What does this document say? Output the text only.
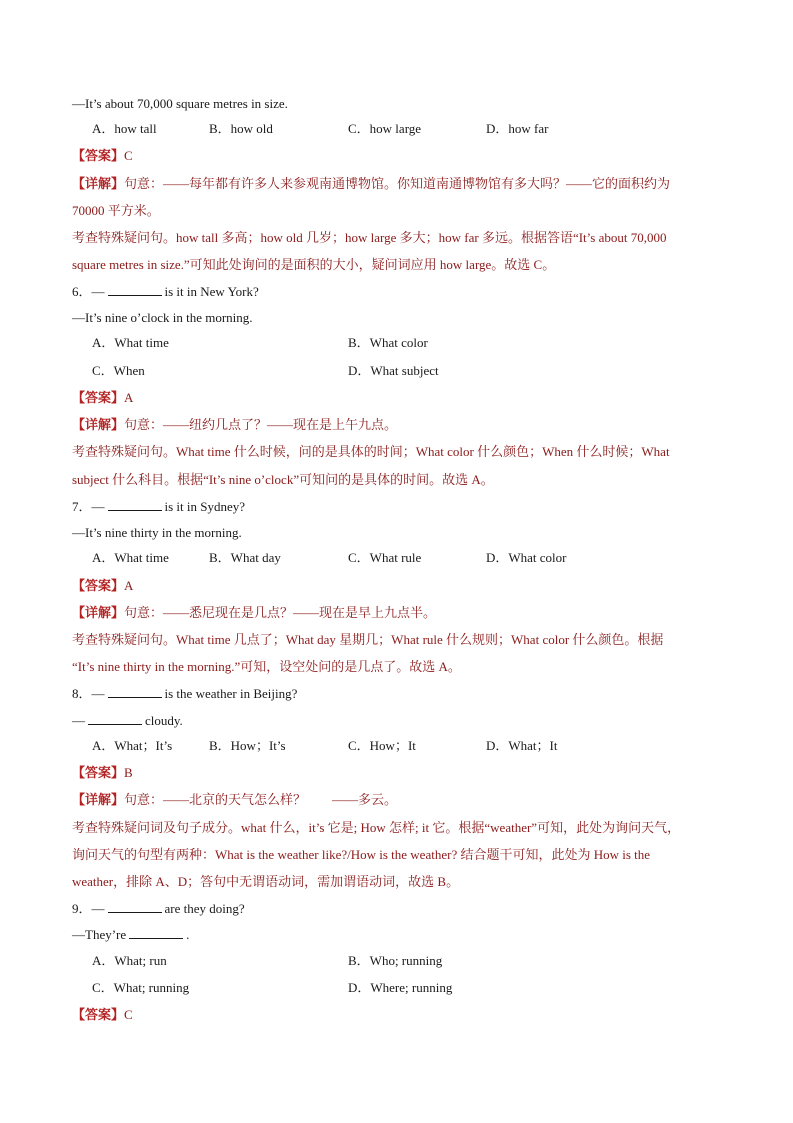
—It’s about 70,000 square metres in size.
A．how tall	B．how old	C．how large	D．how far
【答案】C
【详解】句意：——每年都有许多人来参观南通博物馆。你知道南通博物馆有多大吗？——它的面积约为
70000 平方米。
考查特殊疑问句。how tall 多高；how old 几岁；how large 多大；how far 多远。根据答语“It’s about 70,000
square metres in size.”可知此处询问的是面积的大小，疑问词应用 how large。故选 C。
6．—	is it in New York?
—It’s nine o’clock in the morning.
A．What time	B．What color
C．When	D．What subject
【答案】A
【详解】句意：——纽约几点了？——现在是上午九点。
考查特殊疑问句。What time 什么时候，问的是具体的时间；What color 什么颜色；When 什么时候；What
subject 什么科目。根据“It’s nine o’clock”可知问的是具体的时间。故选 A。
7．—	is it in Sydney?
—It’s nine thirty in the morning.
A．What time	B．What day	C．What rule	D．What color
【答案】A
【详解】句意：——悉尼现在是几点？——现在是早上九点半。
考查特殊疑问句。What time 几点了；What day 星期几；What rule 什么规则；What color 什么颜色。根据
“It’s nine thirty in the morning.”可知，设空处问的是几点了。故选 A。
8．—	is the weather in Beijing?
—	cloudy.
A．What；It’s	B．How；It’s	C．How；It	D．What；It
【答案】B
【详解】句意：——北京的天气怎么样？　　——多云。
考查特殊疑问词及句子成分。what 什么，it’s 它是; How 怎样; it 它。根据“weather”可知，此处为询问天气，
询问天气的句型有两种：What is the weather like?/How is the weather? 结合题干可知，此处为 How is the
weather，排除 A、D；答句中无谓语动词，需加谓语动词，故选 B。
9．—	are they doing?
—They’re	.
A．What; run	B．Who; running
C．What; running	D．Where; running
【答案】C
